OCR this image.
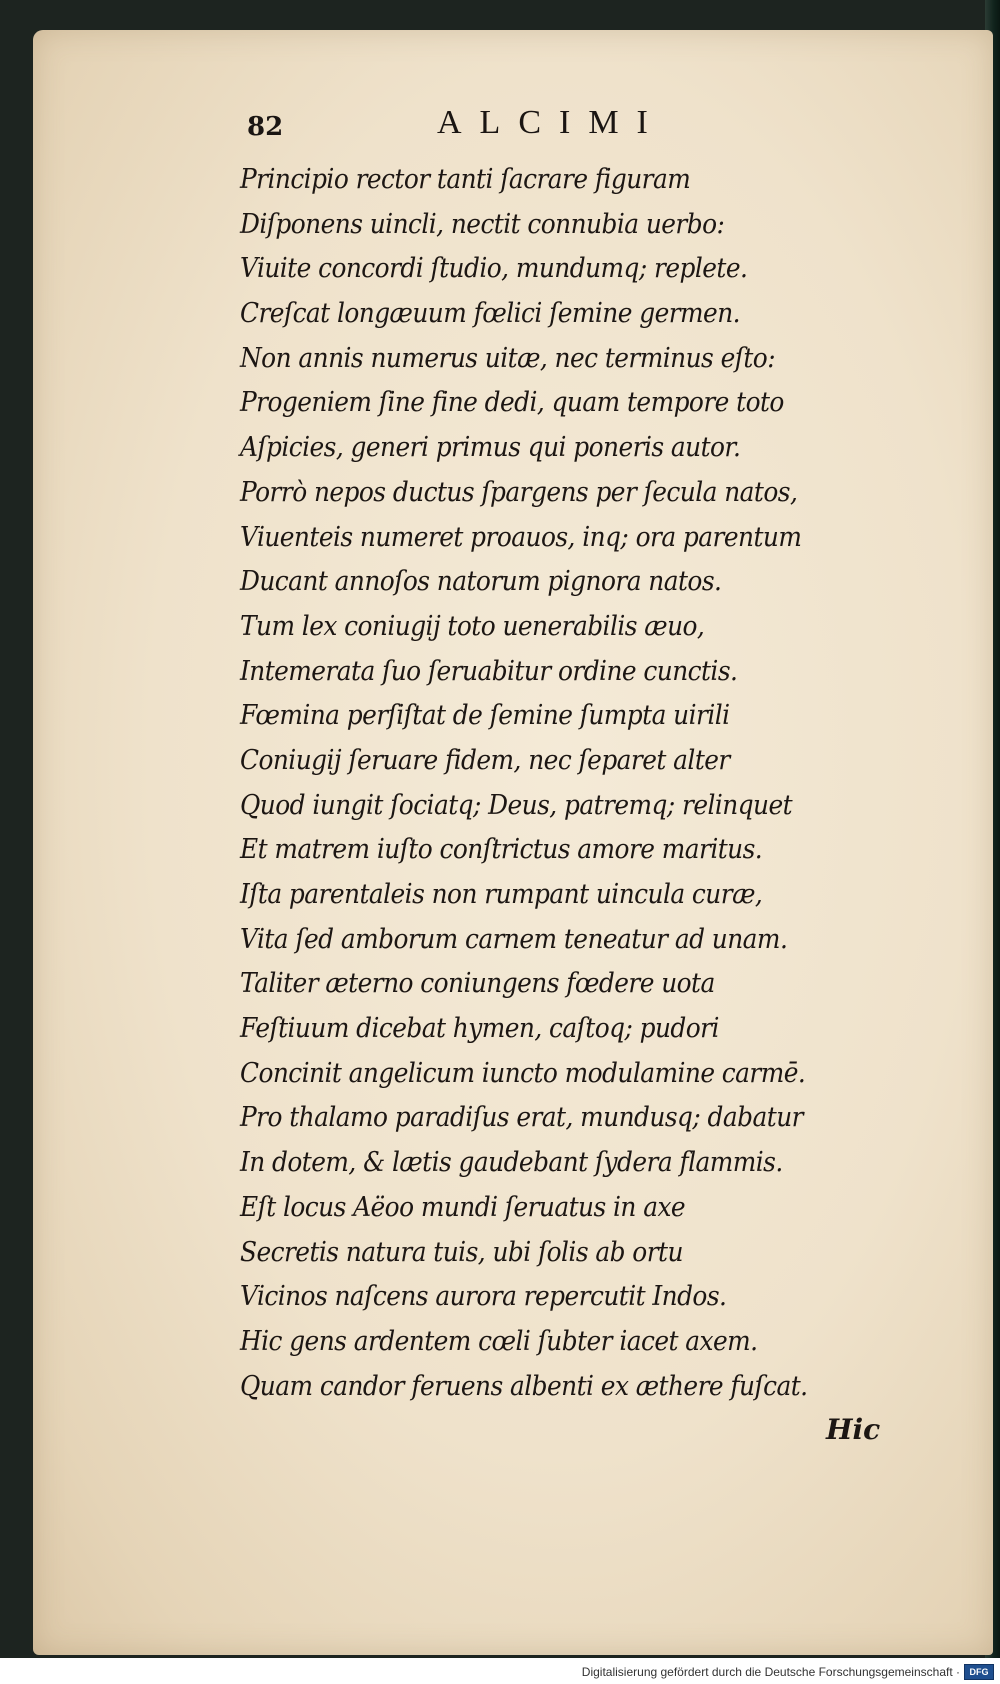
82	ALCIMI
Principio rector tanti ſacrare figuram
Diſponens uincli, nectit connubia uerbo:
Viuite concordi ſtudio, mundumq; replete.
Creſcat longæuum fœlici ſemine germen.
Non annis numerus uitæ, nec terminus eſto:
Progeniem ſine fine dedi, quam tempore toto
Aſpicies, generi primus qui poneris autor.
Porrò nepos ductus ſpargens per ſecula natos,
Viuenteis numeret proauos, inq; ora parentum
Ducant annoſos natorum pignora natos.
Tum lex coniugij toto uenerabilis æuo,
Intemerata ſuo ſeruabitur ordine cunctis.
Fœmina perſiſtat de ſemine ſumpta uirili
Coniugij ſeruare fidem, nec ſeparet alter
Quod iungit ſociatq; Deus, patremq; relinquet
Et matrem iuſto conſtrictus amore maritus.
Iſta parentaleis non rumpant uincula curæ,
Vita ſed amborum carnem teneatur ad unam.
Taliter æterno coniungens fœdere uota
Feſtiuum dicebat hymen, caſtoq; pudori
Concinit angelicum iuncto modulamine carmē.
Pro thalamo paradiſus erat, mundusq; dabatur
In dotem, & lætis gaudebant ſydera flammis.
Eſt locus Aëoo mundi ſeruatus in axe
Secretis natura tuis, ubi ſolis ab ortu
Vicinos naſcens aurora repercutit Indos.
Hic gens ardentem cœli ſubter iacet axem.
Quam candor feruens albenti ex æthere fuſcat.
Hic
Digitalisierung gefördert durch die Deutsche Forschungsgemeinschaft ·	DFG
